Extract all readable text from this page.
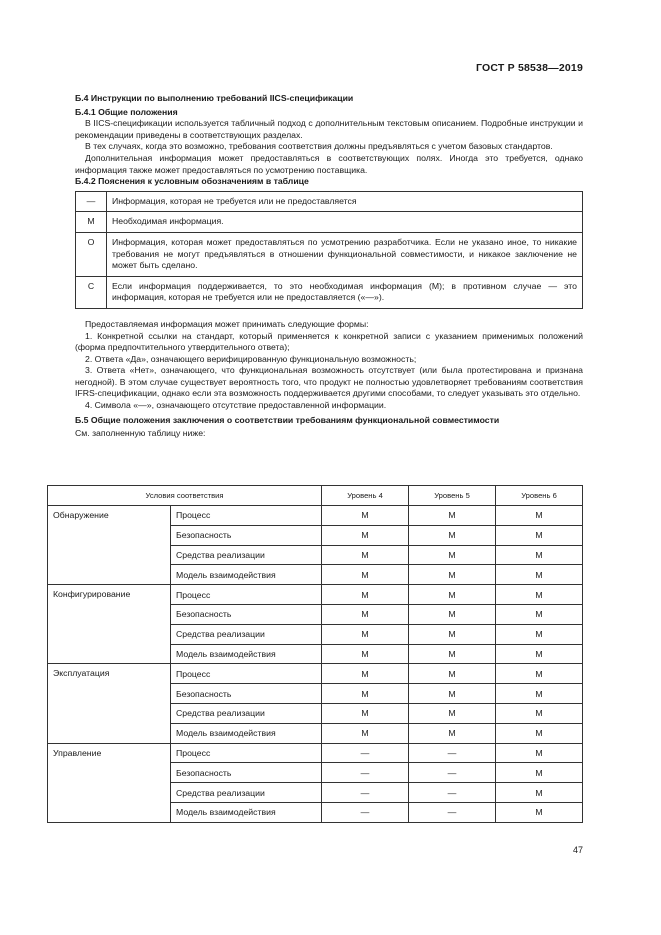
ГОСТ Р 58538—2019

Б.4 Инструкции по выполнению требований IICS-спецификации

Б.4.1 Общие положения

В IICS-спецификации используется табличный подход с дополнительным текстовым описанием. Подробные инструкции и рекомендации приведены в соответствующих разделах.

В тех случаях, когда это возможно, требования соответствия должны предъявляться с учетом базовых стандартов.

Дополнительная информация может предоставляться в соответствующих полях. Иногда это требуется, однако информация также может предоставляться по усмотрению поставщика.

Б.4.2 Пояснения к условным обозначениям в таблице

—	Информация, которая не требуется или не предоставляется
М	Необходимая информация.
О	Информация, которая может предоставляться по усмотрению разработчика. Если не указано иное, то никакие требования не могут предъявляться в отношении функциональной совместимости, и никакое заключение не может быть сделано.
С	Если информация поддерживается, то это необходимая информация (М); в противном случае — это информация, которая не требуется или не предоставляется («—»).

Предоставляемая информация может принимать следующие формы:

1. Конкретной ссылки на стандарт, который применяется к конкретной записи с указанием применимых положений (форма предпочтительного утвердительного ответа);

2. Ответа «Да», означающего верифицированную функциональную возможность;

3. Ответа «Нет», означающего, что функциональная возможность отсутствует (или была протестирована и признана негодной). В этом случае существует вероятность того, что продукт не полностью удовлетворяет требованиям соответствия IFRS-спецификации, однако если эта возможность поддерживается другими способами, то следует указывать это отдельно.

4. Символа «—», означающего отсутствие предоставленной информации.

Б.5 Общие положения заключения о соответствии требованиям функциональной совместимости

См. заполненную таблицу ниже:

Условия соответствия		Уровень 4	Уровень 5	Уровень 6
Обнаружение	Процесс	М	М	М
	Безопасность	М	М	М
	Средства реализации	М	М	М
	Модель взаимодействия	М	М	М
Конфигурирование	Процесс	М	М	М
	Безопасность	М	М	М
	Средства реализации	М	М	М
	Модель взаимодействия	М	М	М
Эксплуатация	Процесс	М	М	М
	Безопасность	М	М	М
	Средства реализации	М	М	М
	Модель взаимодействия	М	М	М
Управление	Процесс	—	—	М
	Безопасность	—	—	М
	Средства реализации	—	—	М
	Модель взаимодействия	—	—	М
47
